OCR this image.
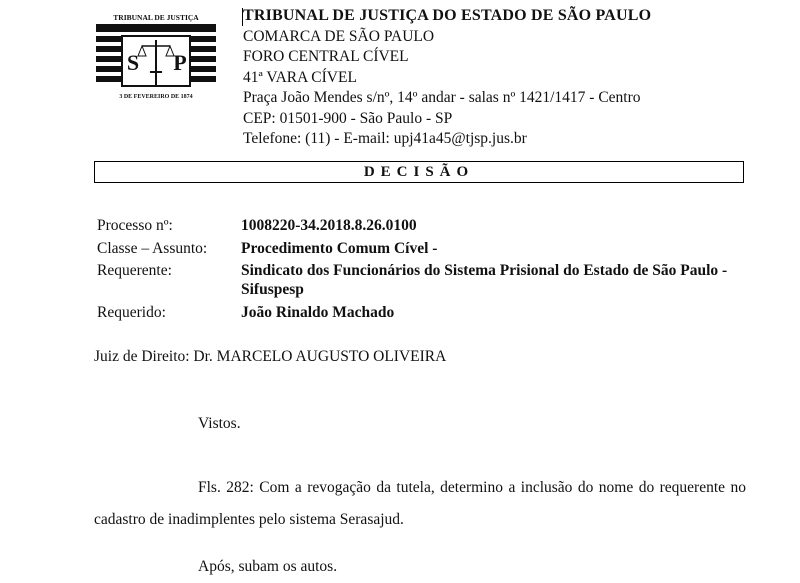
TRIBUNAL DE JUSTIÇA
S P
3 DE FEVEREIRO DE 1874
TRIBUNAL DE JUSTIÇA DO ESTADO DE SÃO PAULO
COMARCA DE SÃO PAULO
FORO CENTRAL CÍVEL
41ª VARA CÍVEL
Praça João Mendes s/nº, 14º andar - salas nº 1421/1417 - Centro
CEP: 01501-900 - São Paulo - SP
Telefone: (11) - E-mail: upj41a45@tjsp.jus.br
DECISÃO
Processo nº:	1008220-34.2018.8.26.0100
Classe – Assunto:	Procedimento Comum Cível -
Requerente:	Sindicato dos Funcionários do Sistema Prisional do Estado de São Paulo - Sifuspesp
Requerido:	João Rinaldo Machado
Juiz de Direito: Dr. MARCELO AUGUSTO OLIVEIRA
Vistos.
Fls. 282: Com a revogação da tutela, determino a inclusão do nome do requerente no cadastro de inadimplentes pelo sistema Serasajud.
Após, subam os autos.
